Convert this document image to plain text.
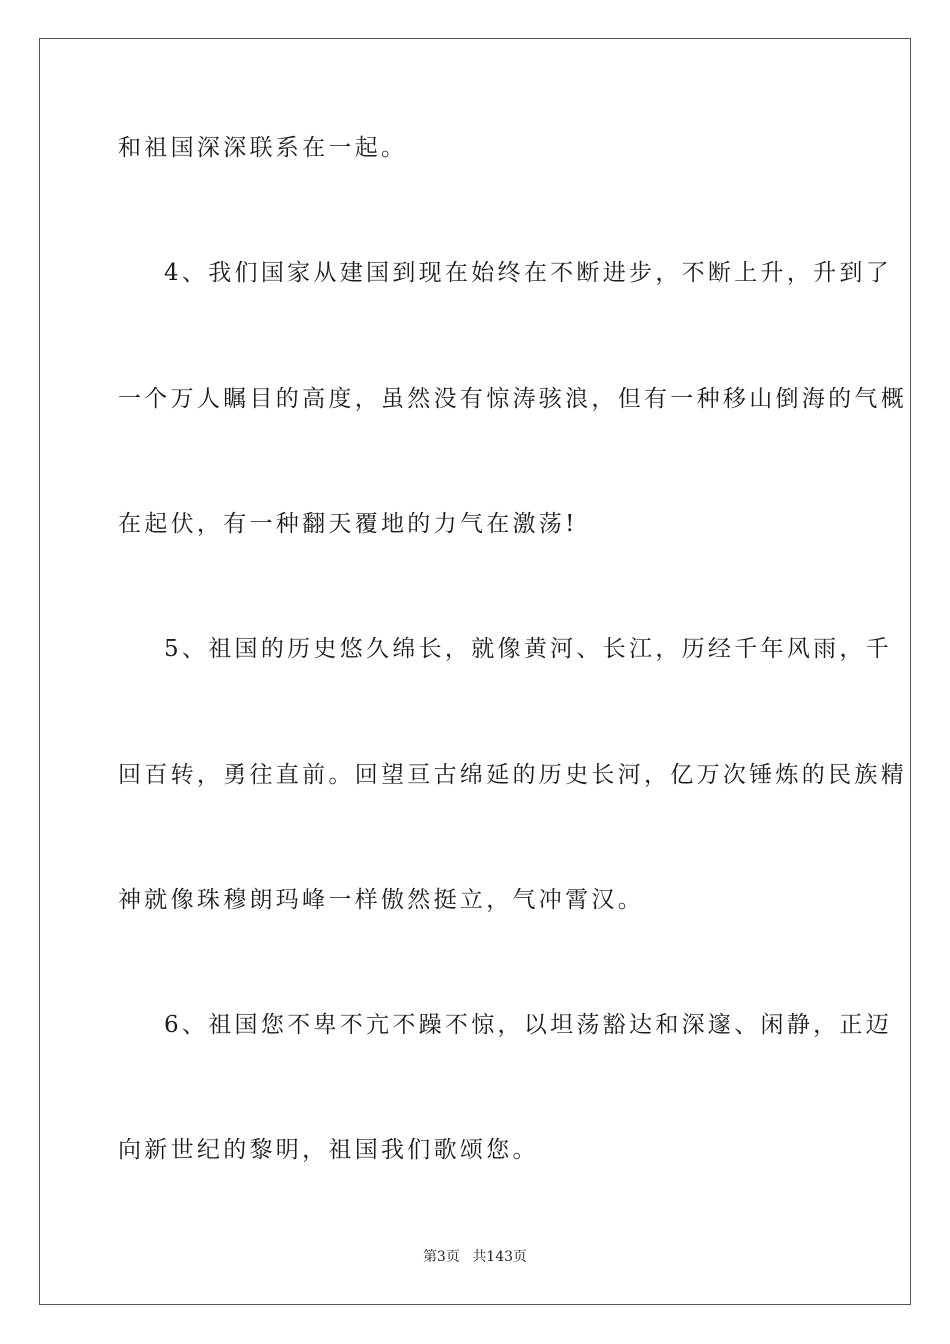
和祖国深深联系在一起。
4、我们国家从建国到现在始终在不断进步，不断上升，升到了
一个万人瞩目的高度，虽然没有惊涛骇浪，但有一种移山倒海的气概
在起伏，有一种翻天覆地的力气在激荡!
5、祖国的历史悠久绵长，就像黄河、长江，历经千年风雨，千
回百转，勇往直前。回望亘古绵延的历史长河，亿万次锤炼的民族精
神就像珠穆朗玛峰一样傲然挺立，气冲霄汉。
6、祖国您不卑不亢不躁不惊，以坦荡豁达和深邃、闲静，正迈
向新世纪的黎明，祖国我们歌颂您。
第3页 共143页
